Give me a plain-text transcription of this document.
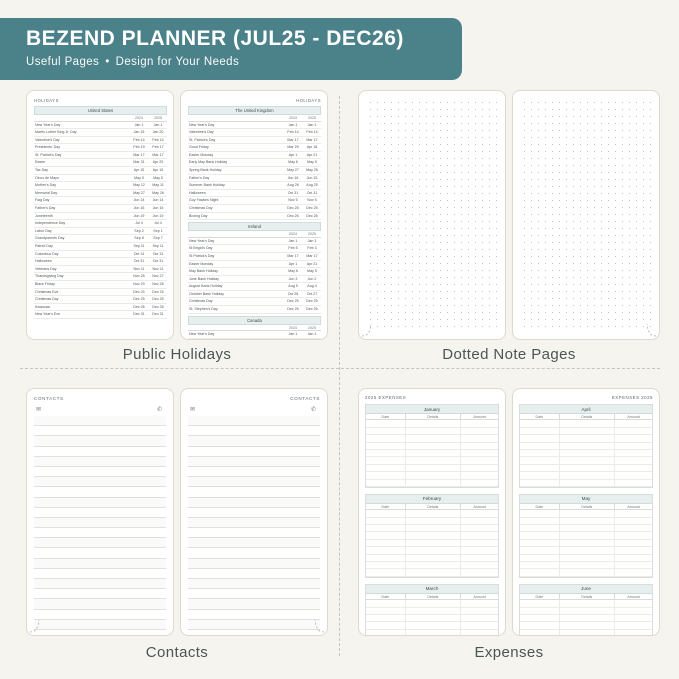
BEZEND PLANNER (JUL25 - DEC26)
Useful Pages • Design for Your Needs
HOLIDAYS
United States
2024	2025
New Year's Day	Jan 1	Jan 1
Martin Luther King Jr. Day	Jan 15	Jan 20
Valentine's Day	Feb 14	Feb 14
Presidents' Day	Feb 19	Feb 17
St. Patrick's Day	Mar 17	Mar 17
Easter	Mar 31	Apr 20
Tax Day	Apr 15	Apr 15
Cinco de Mayo	May 5	May 5
Mother's Day	May 12	May 11
Memorial Day	May 27	May 26
Flag Day	Jun 14	Jun 14
Father's Day	Jun 16	Jun 15
Juneteenth	Jun 19	Jun 19
Independence Day	Jul 4	Jul 4
Labor Day	Sep 2	Sep 1
Grandparents Day	Sep 8	Sep 7
Patriot Day	Sep 11	Sep 11
Columbus Day	Oct 14	Oct 13
Halloween	Oct 31	Oct 31
Veterans Day	Nov 11	Nov 11
Thanksgiving Day	Nov 28	Nov 27
Black Friday	Nov 29	Nov 28
Christmas Eve	Dec 24	Dec 24
Christmas Day	Dec 25	Dec 25
Kwanzaa	Dec 26	Dec 26
New Year's Eve	Dec 31	Dec 31
HOLIDAYS
The United Kingdom
2024	2025
New Year's Day	Jan 1	Jan 1
Valentine's Day	Feb 14	Feb 14
St. Patrick's Day	Mar 17	Mar 17
Good Friday	Mar 29	Apr 18
Easter Monday	Apr 1	Apr 21
Early May Bank Holiday	May 6	May 5
Spring Bank Holiday	May 27	May 26
Father's Day	Jun 16	Jun 15
Summer Bank Holiday	Aug 26	Aug 25
Halloween	Oct 31	Oct 31
Guy Fawkes Night	Nov 5	Nov 5
Christmas Day	Dec 25	Dec 25
Boxing Day	Dec 26	Dec 26
Ireland
2024	2025
New Year's Day	Jan 1	Jan 1
St Brigid's Day	Feb 5	Feb 3
St Patrick's Day	Mar 17	Mar 17
Easter Monday	Apr 1	Apr 21
May Bank Holiday	May 6	May 5
June Bank Holiday	Jun 3	Jun 2
August Bank Holiday	Aug 5	Aug 4
October Bank Holiday	Oct 28	Oct 27
Christmas Day	Dec 25	Dec 25
St. Stephen's Day	Dec 26	Dec 26
Canada
2024	2025
New Year's Day	Jan 1	Jan 1
Public Holidays	Dotted Note Pages
CONTACTS
✉	✆
CONTACTS
✉	✆
Contacts
2025 EXPENSES
January
Date	Details	Amount
February
Date	Details	Amount
March
Date	Details	Amount
EXPENSES 2025
April
Date	Details	Amount
May
Date	Details	Amount
June
Date	Details	Amount
Expenses
